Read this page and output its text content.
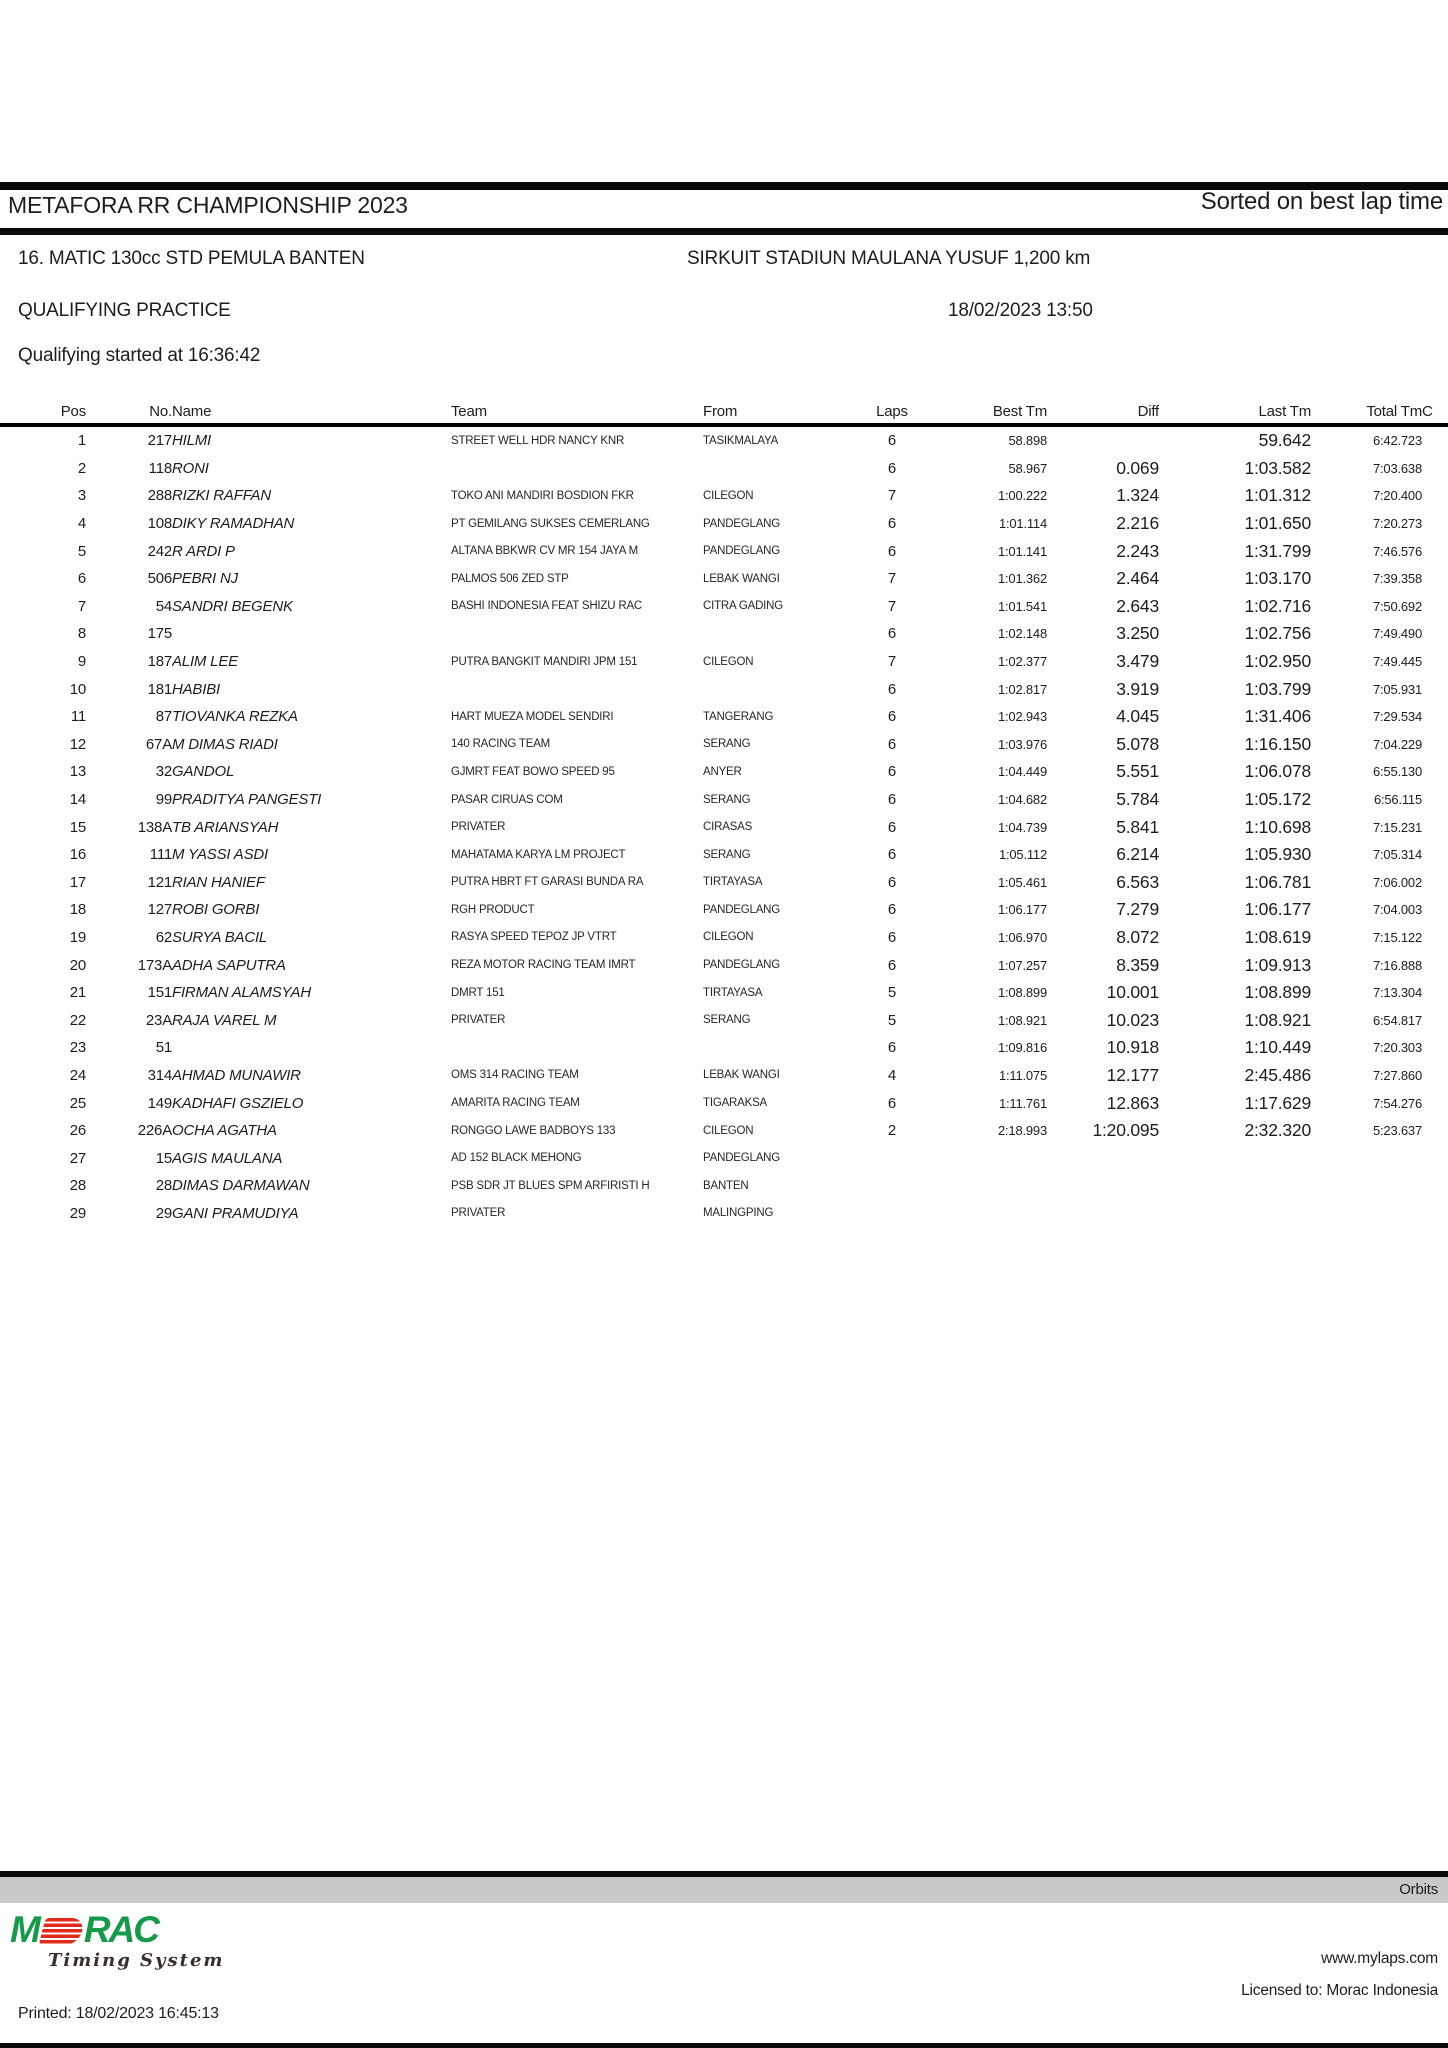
METAFORA RR CHAMPIONSHIP 2023	Sorted on best lap time
16. MATIC 130cc STD PEMULA BANTEN	SIRKUIT STADIUN MAULANA YUSUF 1,200 km
QUALIFYING PRACTICE	18/02/2023 13:50
Qualifying started at 16:36:42
Pos	No.	Name	Team	From	Laps	Best Tm	Diff	Last Tm	Total Tm	C
1	217	HILMI	STREET WELL HDR NANCY KNR	TASIKMALAYA	6	58.898		59.642	6:42.723	
2	118	RONI			6	58.967	0.069	1:03.582	7:03.638	
3	288	RIZKI RAFFAN	TOKO ANI MANDIRI BOSDION FKR	CILEGON	7	1:00.222	1.324	1:01.312	7:20.400	
4	108	DIKY RAMADHAN	PT GEMILANG SUKSES CEMERLANG	PANDEGLANG	6	1:01.114	2.216	1:01.650	7:20.273	
5	242	R ARDI P	ALTANA BBKWR CV MR 154 JAYA M	PANDEGLANG	6	1:01.141	2.243	1:31.799	7:46.576	
6	506	PEBRI NJ	PALMOS 506 ZED STP	LEBAK WANGI	7	1:01.362	2.464	1:03.170	7:39.358	
7	54	SANDRI BEGENK	BASHI INDONESIA FEAT SHIZU RAC	CITRA GADING	7	1:01.541	2.643	1:02.716	7:50.692	
8	175				6	1:02.148	3.250	1:02.756	7:49.490	
9	187	ALIM LEE	PUTRA BANGKIT MANDIRI JPM 151	CILEGON	7	1:02.377	3.479	1:02.950	7:49.445	
10	181	HABIBI			6	1:02.817	3.919	1:03.799	7:05.931	
11	87	TIOVANKA REZKA	HART MUEZA MODEL SENDIRI	TANGERANG	6	1:02.943	4.045	1:31.406	7:29.534	
12	67A	M DIMAS RIADI	140 RACING TEAM	SERANG	6	1:03.976	5.078	1:16.150	7:04.229	
13	32	GANDOL	GJMRT FEAT BOWO SPEED 95	ANYER	6	1:04.449	5.551	1:06.078	6:55.130	
14	99	PRADITYA PANGESTI	PASAR CIRUAS COM	SERANG	6	1:04.682	5.784	1:05.172	6:56.115	
15	138A	TB ARIANSYAH	PRIVATER	CIRASAS	6	1:04.739	5.841	1:10.698	7:15.231	
16	111	M YASSI ASDI	MAHATAMA KARYA LM PROJECT	SERANG	6	1:05.112	6.214	1:05.930	7:05.314	
17	121	RIAN HANIEF	PUTRA HBRT FT GARASI BUNDA RA	TIRTAYASA	6	1:05.461	6.563	1:06.781	7:06.002	
18	127	ROBI GORBI	RGH PRODUCT	PANDEGLANG	6	1:06.177	7.279	1:06.177	7:04.003	
19	62	SURYA BACIL	RASYA SPEED TEPOZ JP VTRT	CILEGON	6	1:06.970	8.072	1:08.619	7:15.122	
20	173A	ADHA SAPUTRA	REZA MOTOR RACING TEAM IMRT	PANDEGLANG	6	1:07.257	8.359	1:09.913	7:16.888	
21	151	FIRMAN ALAMSYAH	DMRT 151	TIRTAYASA	5	1:08.899	10.001	1:08.899	7:13.304	
22	23A	RAJA VAREL M	PRIVATER	SERANG	5	1:08.921	10.023	1:08.921	6:54.817	
23	51				6	1:09.816	10.918	1:10.449	7:20.303	
24	314	AHMAD MUNAWIR	OMS 314 RACING TEAM	LEBAK WANGI	4	1:11.075	12.177	2:45.486	7:27.860	
25	149	KADHAFI GSZIELO	AMARITA RACING TEAM	TIGARAKSA	6	1:11.761	12.863	1:17.629	7:54.276	
26	226A	OCHA AGATHA	RONGGO LAWE BADBOYS 133	CILEGON	2	2:18.993	1:20.095	2:32.320	5:23.637	
27	15	AGIS MAULANA	AD 152 BLACK MEHONG	PANDEGLANG						
28	28	DIMAS DARMAWAN	PSB SDR JT BLUES SPM ARFIRISTI H	BANTEN						
29	29	GANI PRAMUDIYA	PRIVATER	MALINGPING						
Orbits
M RAC
Timing System	www.mylaps.com
Licensed to: Morac Indonesia
Printed: 18/02/2023 16:45:13
